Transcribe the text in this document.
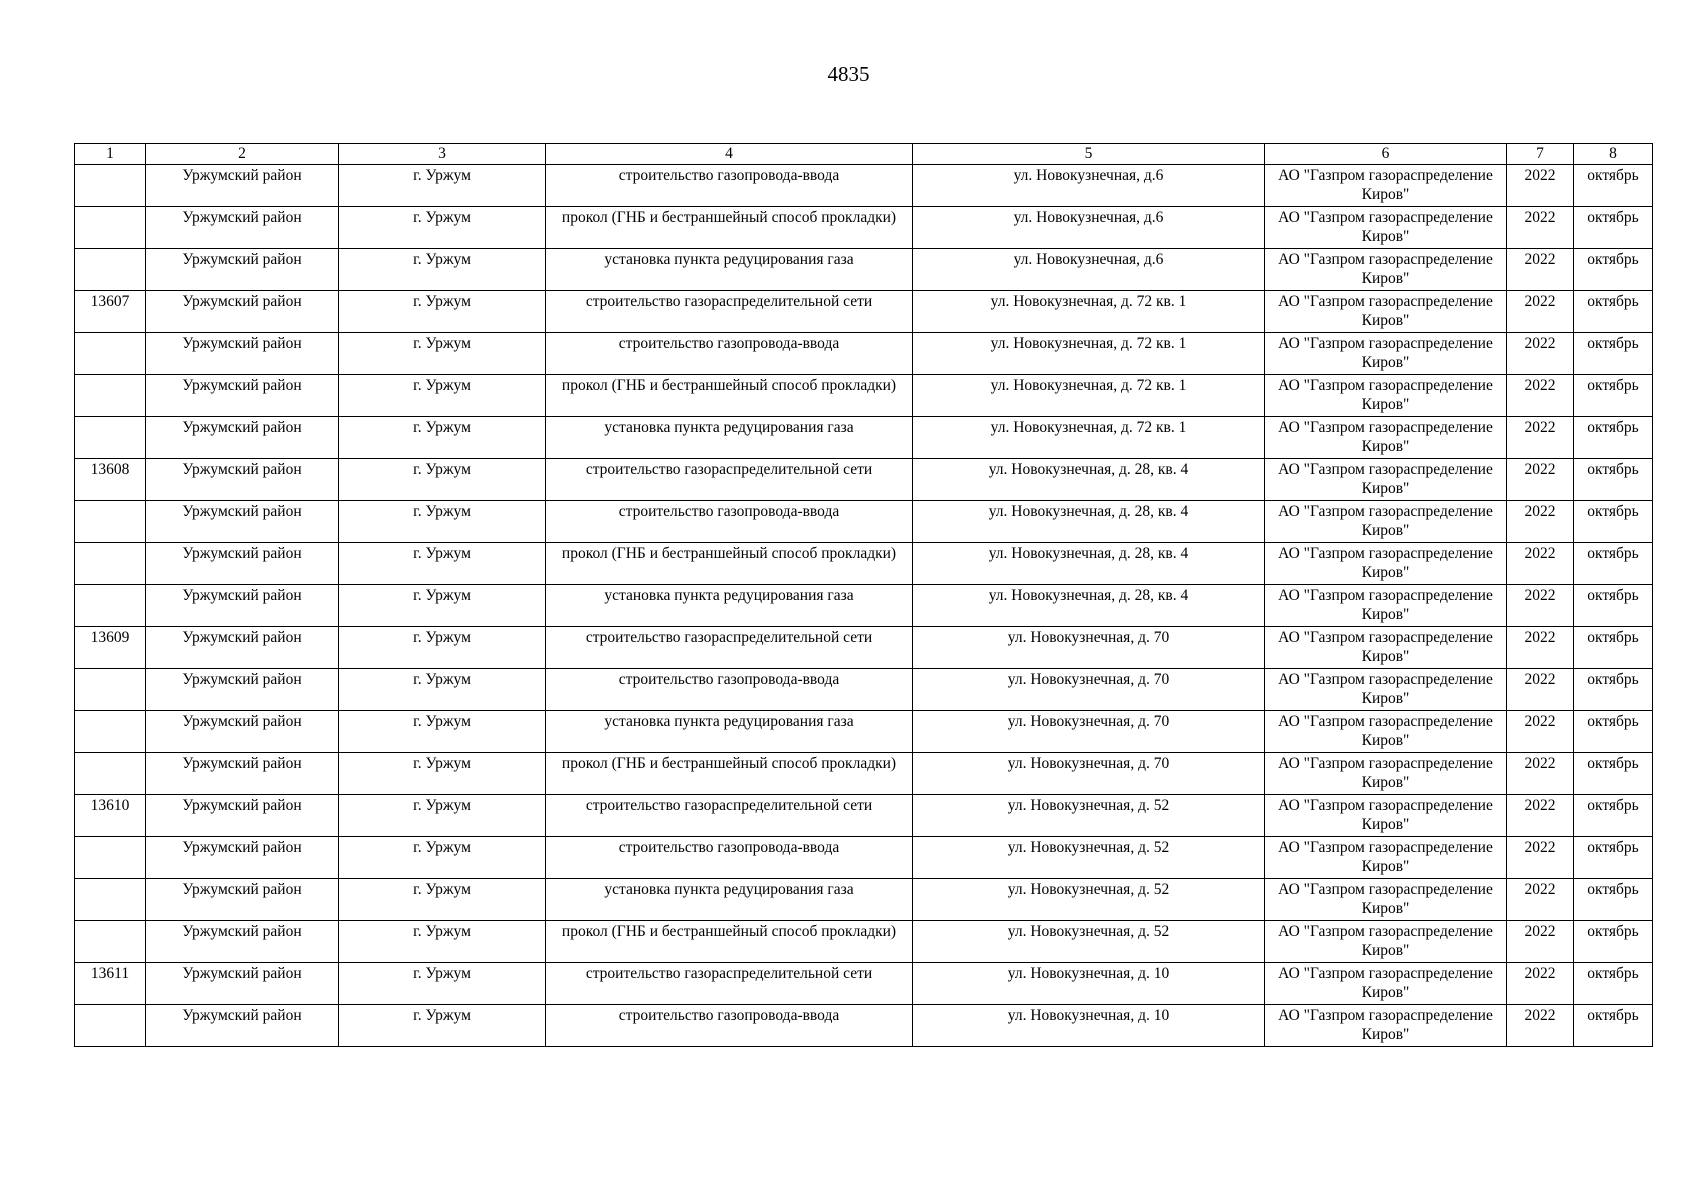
4835
1	2	3	4	5	6	7	8
	Уржумский район	г. Уржум	строительство газопровода-ввода	ул. Новокузнечная, д.6	АО "Газпром газораспределение Киров"	2022	октябрь
	Уржумский район	г. Уржум	прокол (ГНБ и бестраншейный способ прокладки)	ул. Новокузнечная, д.6	АО "Газпром газораспределение Киров"	2022	октябрь
	Уржумский район	г. Уржум	установка пункта редуцирования газа	ул. Новокузнечная, д.6	АО "Газпром газораспределение Киров"	2022	октябрь
13607	Уржумский район	г. Уржум	строительство газораспределительной сети	ул. Новокузнечная, д. 72 кв. 1	АО "Газпром газораспределение Киров"	2022	октябрь
	Уржумский район	г. Уржум	строительство газопровода-ввода	ул. Новокузнечная, д. 72 кв. 1	АО "Газпром газораспределение Киров"	2022	октябрь
	Уржумский район	г. Уржум	прокол (ГНБ и бестраншейный способ прокладки)	ул. Новокузнечная, д. 72 кв. 1	АО "Газпром газораспределение Киров"	2022	октябрь
	Уржумский район	г. Уржум	установка пункта редуцирования газа	ул. Новокузнечная, д. 72 кв. 1	АО "Газпром газораспределение Киров"	2022	октябрь
13608	Уржумский район	г. Уржум	строительство газораспределительной сети	ул. Новокузнечная, д. 28, кв. 4	АО "Газпром газораспределение Киров"	2022	октябрь
	Уржумский район	г. Уржум	строительство газопровода-ввода	ул. Новокузнечная, д. 28, кв. 4	АО "Газпром газораспределение Киров"	2022	октябрь
	Уржумский район	г. Уржум	прокол (ГНБ и бестраншейный способ прокладки)	ул. Новокузнечная, д. 28, кв. 4	АО "Газпром газораспределение Киров"	2022	октябрь
	Уржумский район	г. Уржум	установка пункта редуцирования газа	ул. Новокузнечная, д. 28, кв. 4	АО "Газпром газораспределение Киров"	2022	октябрь
13609	Уржумский район	г. Уржум	строительство газораспределительной сети	ул. Новокузнечная, д. 70	АО "Газпром газораспределение Киров"	2022	октябрь
	Уржумский район	г. Уржум	строительство газопровода-ввода	ул. Новокузнечная, д. 70	АО "Газпром газораспределение Киров"	2022	октябрь
	Уржумский район	г. Уржум	установка пункта редуцирования газа	ул. Новокузнечная, д. 70	АО "Газпром газораспределение Киров"	2022	октябрь
	Уржумский район	г. Уржум	прокол (ГНБ и бестраншейный способ прокладки)	ул. Новокузнечная, д. 70	АО "Газпром газораспределение Киров"	2022	октябрь
13610	Уржумский район	г. Уржум	строительство газораспределительной сети	ул. Новокузнечная, д. 52	АО "Газпром газораспределение Киров"	2022	октябрь
	Уржумский район	г. Уржум	строительство газопровода-ввода	ул. Новокузнечная, д. 52	АО "Газпром газораспределение Киров"	2022	октябрь
	Уржумский район	г. Уржум	установка пункта редуцирования газа	ул. Новокузнечная, д. 52	АО "Газпром газораспределение Киров"	2022	октябрь
	Уржумский район	г. Уржум	прокол (ГНБ и бестраншейный способ прокладки)	ул. Новокузнечная, д. 52	АО "Газпром газораспределение Киров"	2022	октябрь
13611	Уржумский район	г. Уржум	строительство газораспределительной сети	ул. Новокузнечная, д. 10	АО "Газпром газораспределение Киров"	2022	октябрь
	Уржумский район	г. Уржум	строительство газопровода-ввода	ул. Новокузнечная, д. 10	АО "Газпром газораспределение Киров"	2022	октябрь
